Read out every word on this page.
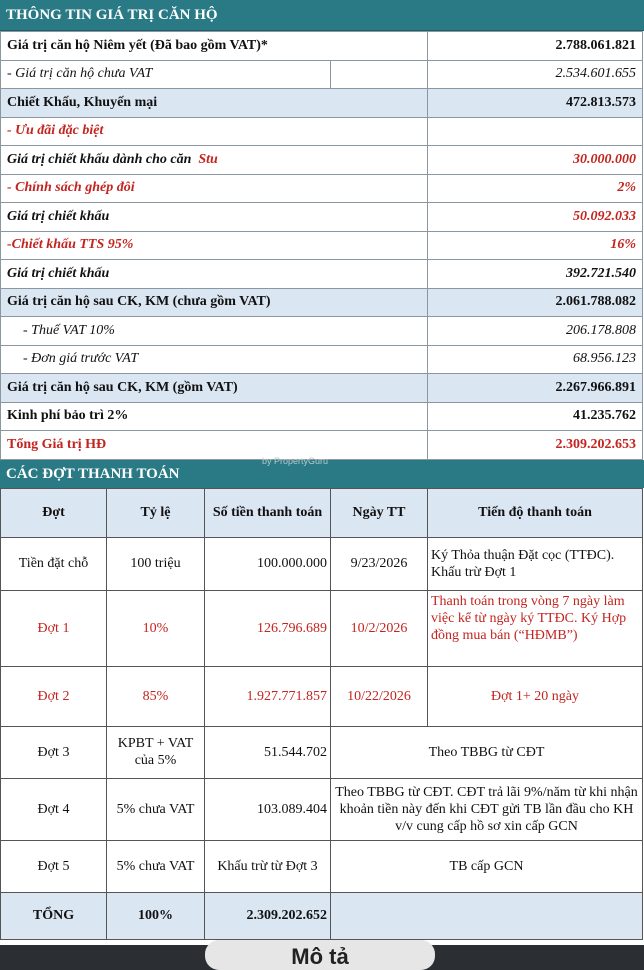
THÔNG TIN GIÁ TRỊ CĂN HỘ
Giá trị căn hộ Niêm yết (Đã bao gồm VAT)*		2.788.061.821
- Giá trị căn hộ chưa VAT		2.534.601.655
Chiết Khấu, Khuyến mại		472.813.573
- Ưu đãi đặc biệt		
Giá trị chiết khấu dành cho căn Stu		30.000.000
- Chính sách ghép đôi		2%
Giá trị chiết khấu		50.092.033
-Chiết khấu TTS 95%		16%
Giá trị chiết khấu		392.721.540
Giá trị căn hộ sau CK, KM (chưa gồm VAT)		2.061.788.082
- Thuế VAT 10%		206.178.808
- Đơn giá trước VAT		68.956.123
Giá trị căn hộ sau CK, KM (gồm VAT)		2.267.966.891
Kinh phí bảo trì 2%		41.235.762
Tổng Giá trị HĐ		2.309.202.653
CÁC ĐỢT THANH TOÁN
Đợt	Tỷ lệ	Số tiền thanh toán	Ngày TT	Tiến độ thanh toán
Tiền đặt chỗ	100 triệu	100.000.000	9/23/2026	Ký Thỏa thuận Đặt cọc (TTĐC). Khấu trừ Đợt 1
Đợt 1	10%	126.796.689	10/2/2026	Thanh toán trong vòng 7 ngày làm việc kể từ ngày ký TTĐC. Ký Hợp đồng mua bán (“HĐMB”)
Đợt 2	85%	1.927.771.857	10/22/2026	Đợt 1+ 20 ngày
Đợt 3	KPBT + VAT của 5%	51.544.702	Theo TBBG từ CĐT	
Đợt 4	5% chưa VAT	103.089.404	Theo TBBG từ CĐT. CĐT trả lãi 9%/năm từ khi nhận khoản tiền này đến khi CĐT gửi TB lần đầu cho KH v/v cung cấp hồ sơ xin cấp GCN	
Đợt 5	5% chưa VAT	Khấu trừ từ Đợt 3	TB cấp GCN	
TỔNG	100%	2.309.202.652		
by PropertyGuru
Mô tả
